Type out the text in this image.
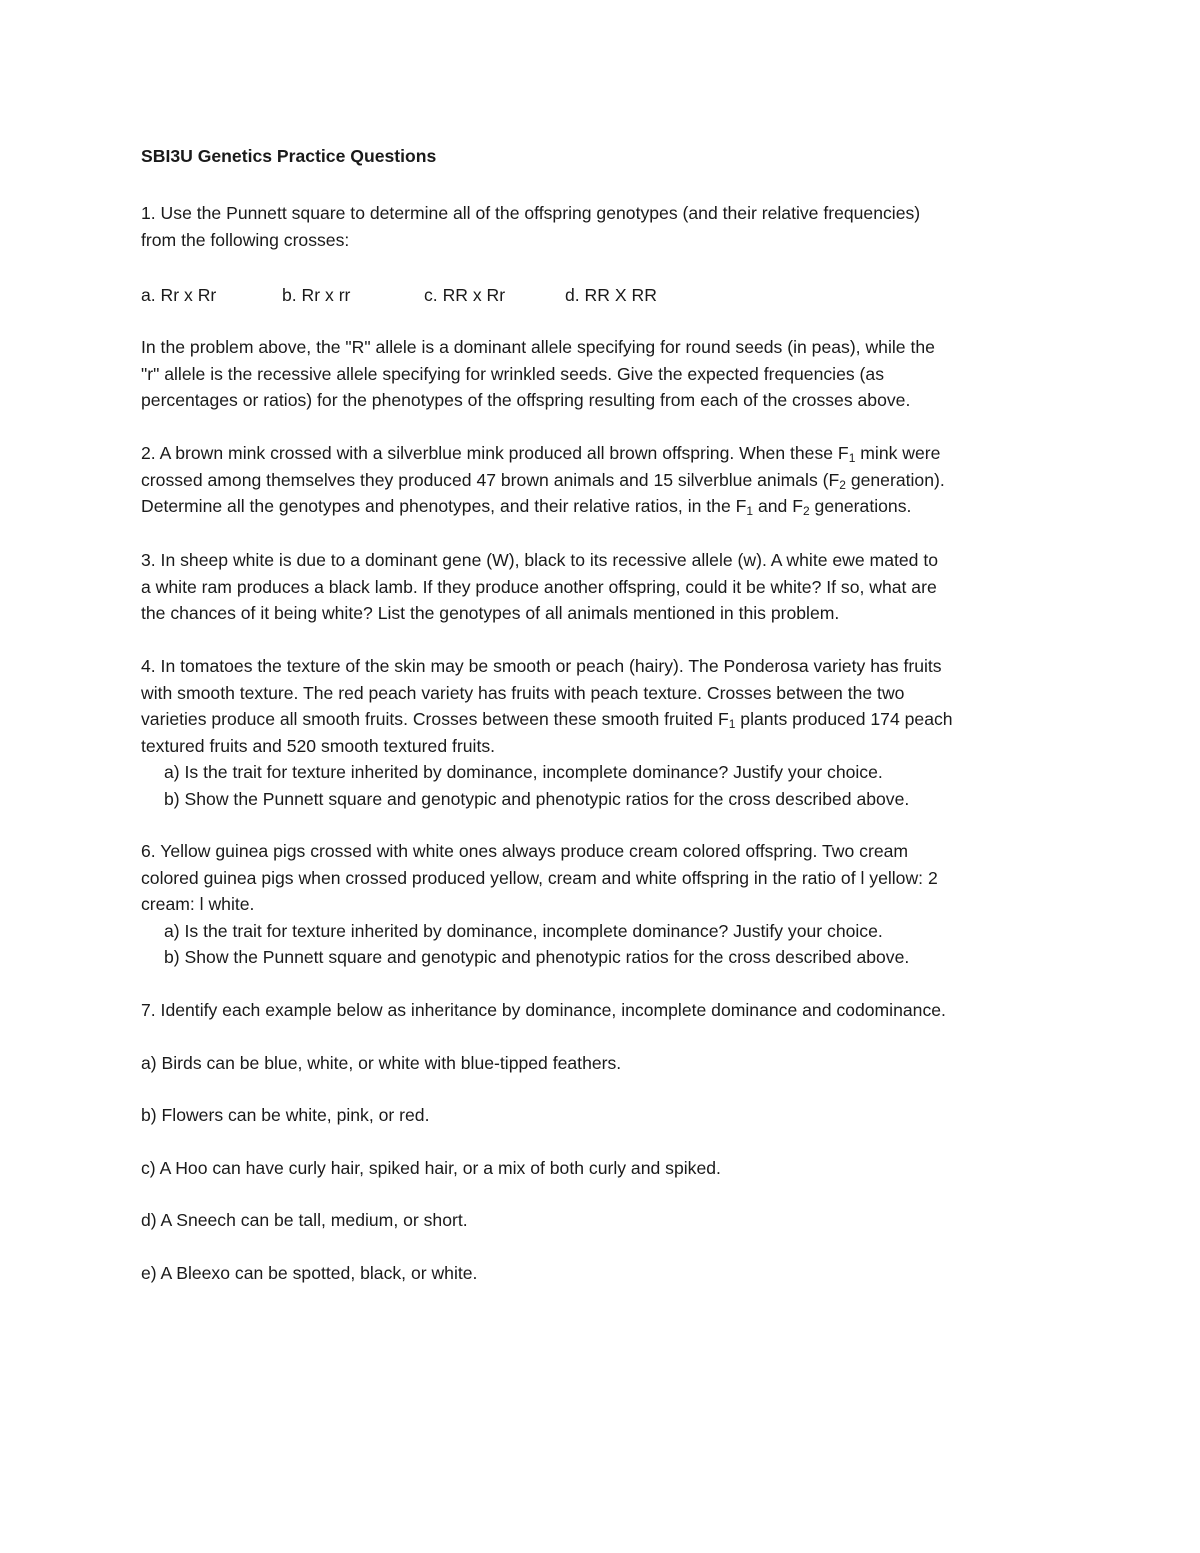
SBI3U Genetics Practice Questions
1. Use the Punnett square to determine all of the offspring genotypes (and their relative frequencies)
from the following crosses:
a. Rr x Rr	b. Rr x rr	c. RR x Rr	d. RR X RR
In the problem above, the "R" allele is a dominant allele specifying for round seeds (in peas), while the
"r" allele is the recessive allele specifying for wrinkled seeds. Give the expected frequencies (as
percentages or ratios) for the phenotypes of the offspring resulting from each of the crosses above.
2. A brown mink crossed with a silverblue mink produced all brown offspring. When these $F_1$ mink were
crossed among themselves they produced 47 brown animals and 15 silverblue animals ($F_2$ generation).
Determine all the genotypes and phenotypes, and their relative ratios, in the $F_1$ and $F_2$ generations.
3. In sheep white is due to a dominant gene (W), black to its recessive allele (w). A white ewe mated to
a white ram produces a black lamb. If they produce another offspring, could it be white? If so, what are
the chances of it being white? List the genotypes of all animals mentioned in this problem.
4. In tomatoes the texture of the skin may be smooth or peach (hairy). The Ponderosa variety has fruits
with smooth texture. The red peach variety has fruits with peach texture. Crosses between the two
varieties produce all smooth fruits. Crosses between these smooth fruited $F_1$ plants produced 174 peach
textured fruits and 520 smooth textured fruits.
a) Is the trait for texture inherited by dominance, incomplete dominance? Justify your choice.
b) Show the Punnett square and genotypic and phenotypic ratios for the cross described above.
6. Yellow guinea pigs crossed with white ones always produce cream colored offspring. Two cream
colored guinea pigs when crossed produced yellow, cream and white offspring in the ratio of l yellow: 2
cream: l white.
a) Is the trait for texture inherited by dominance, incomplete dominance? Justify your choice.
b) Show the Punnett square and genotypic and phenotypic ratios for the cross described above.
7. Identify each example below as inheritance by dominance, incomplete dominance and codominance.
a) Birds can be blue, white, or white with blue-tipped feathers.
b) Flowers can be white, pink, or red.
c) A Hoo can have curly hair, spiked hair, or a mix of both curly and spiked.
d) A Sneech can be tall, medium, or short.
e) A Bleexo can be spotted, black, or white.
